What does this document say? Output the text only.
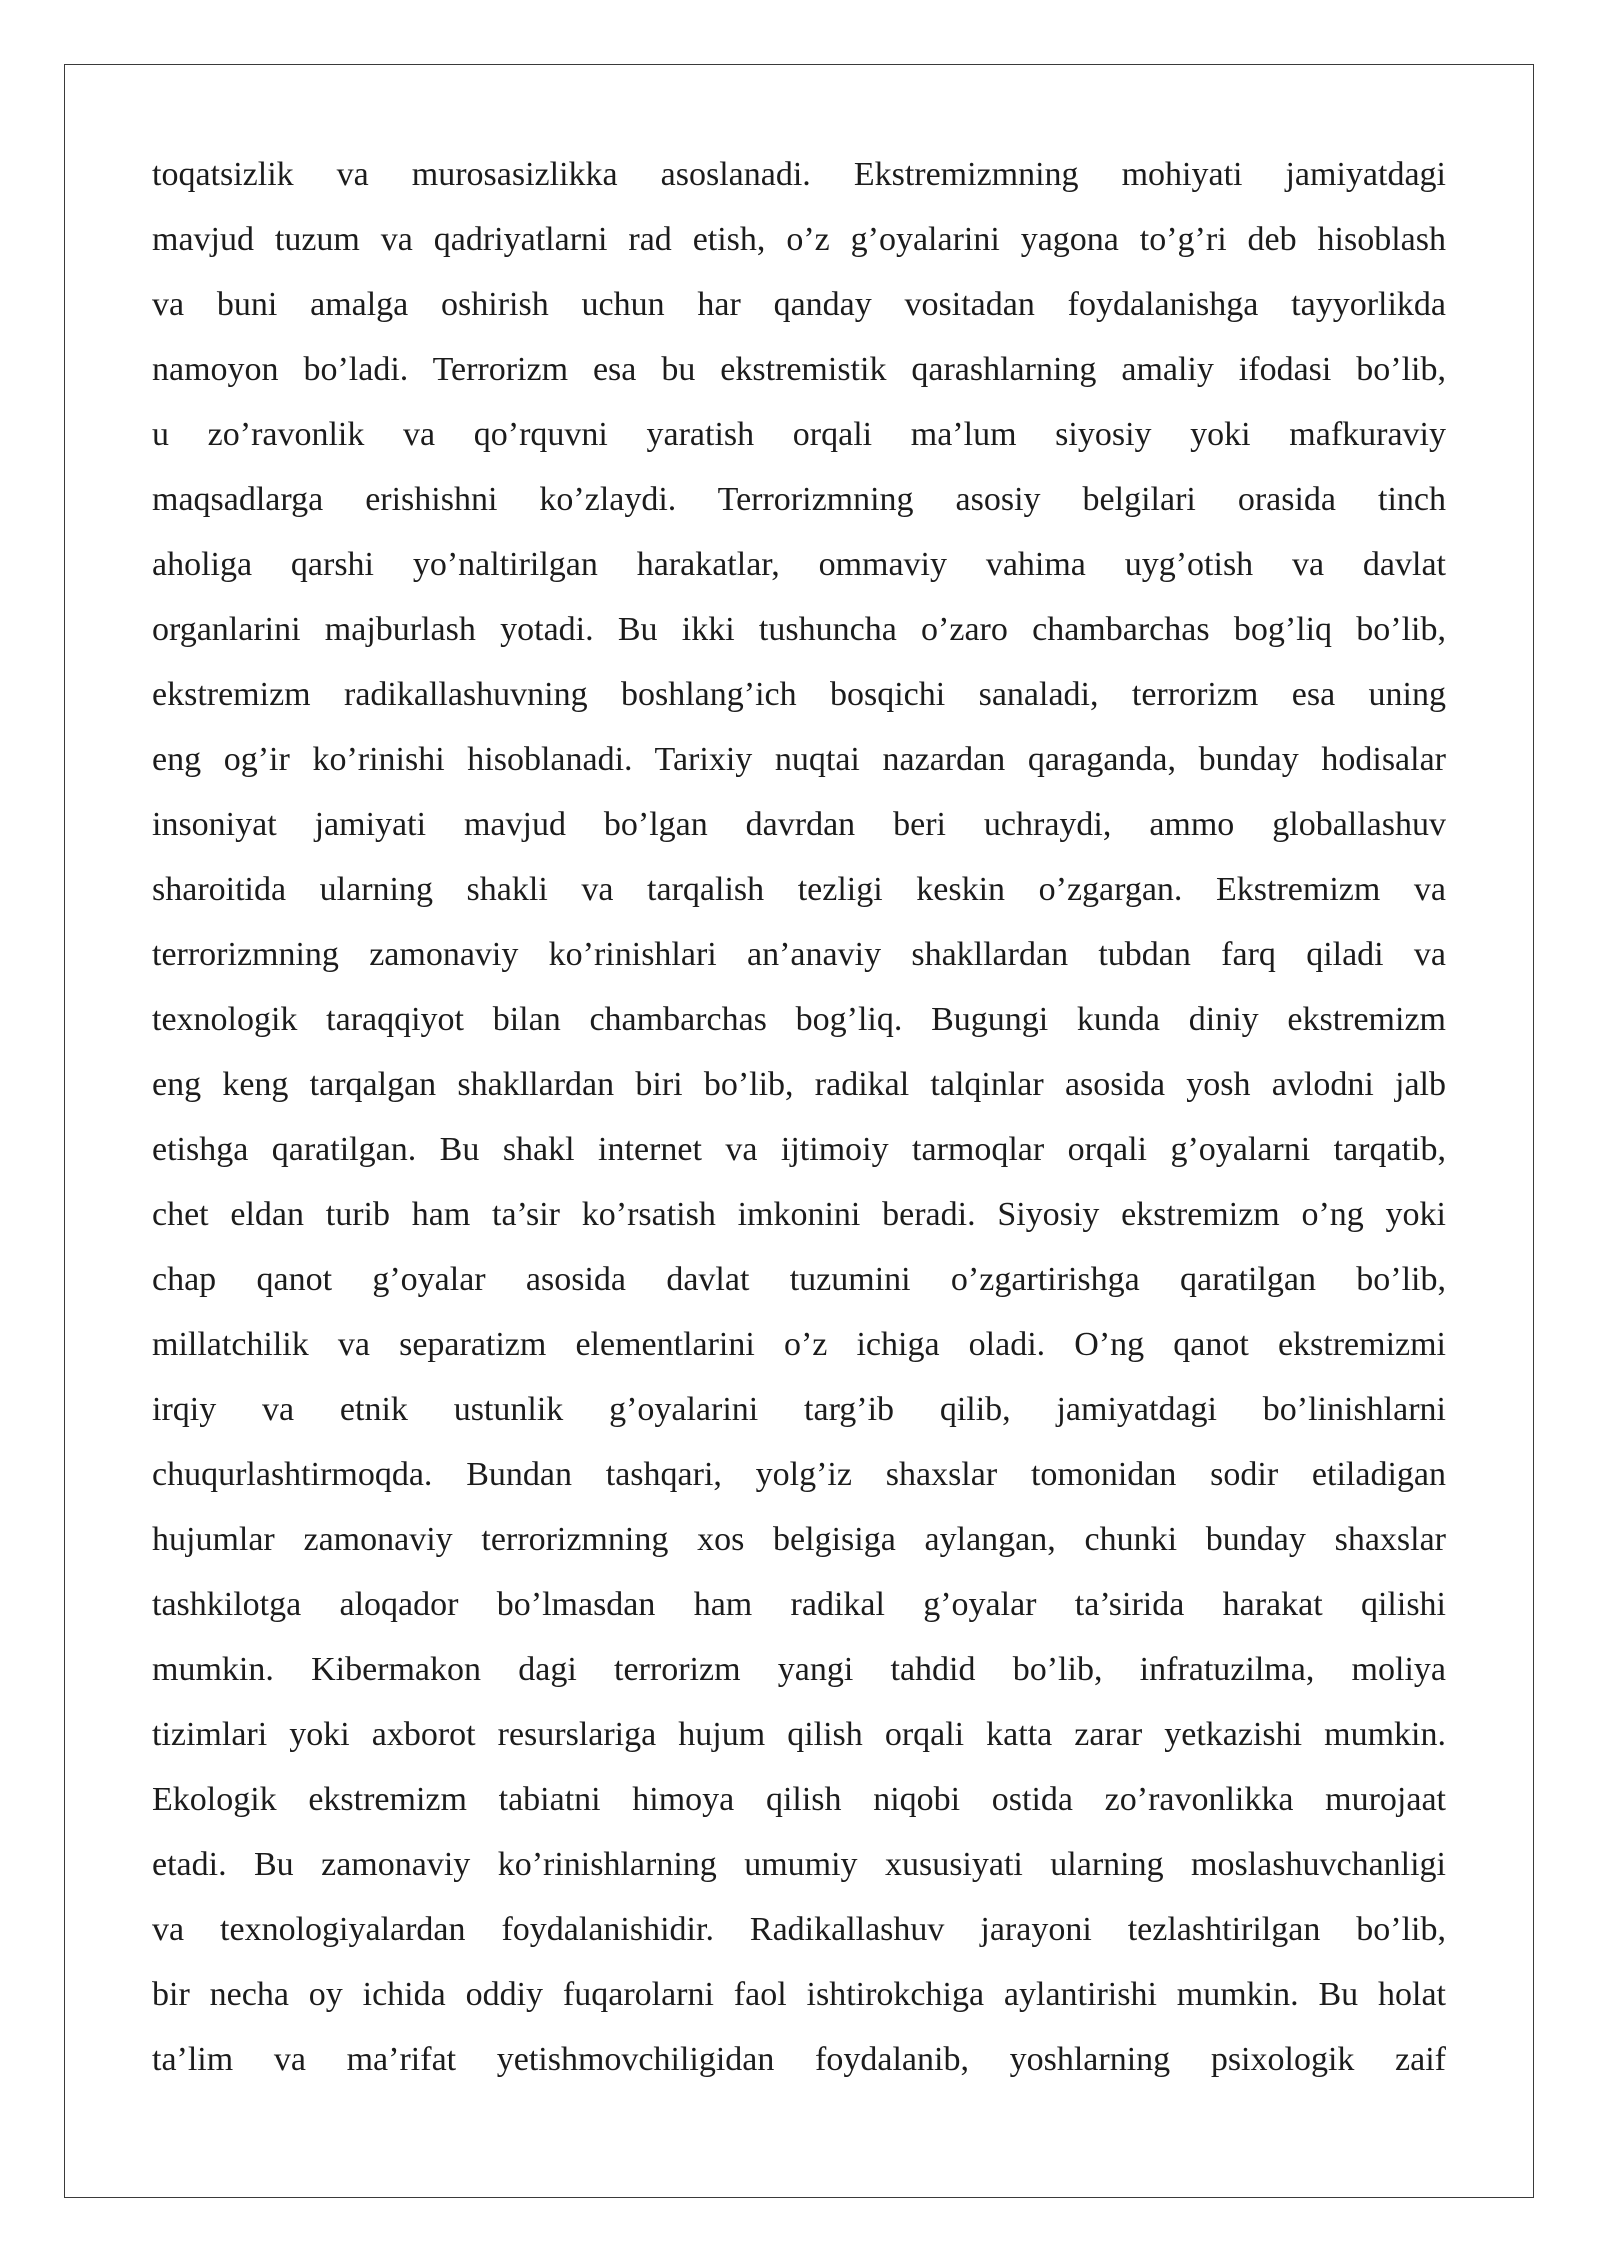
toqatsizlik va murosasizlikka asoslanadi. Ekstremizmning mohiyati jamiyatdagi
mavjud tuzum va qadriyatlarni rad etish, o’z g’oyalarini yagona to’g’ri deb hisoblash
va buni amalga oshirish uchun har qanday vositadan foydalanishga tayyorlikda
namoyon bo’ladi. Terrorizm esa bu ekstremistik qarashlarning amaliy ifodasi bo’lib,
u zo’ravonlik va qo’rquvni yaratish orqali ma’lum siyosiy yoki mafkuraviy
maqsadlarga erishishni ko’zlaydi. Terrorizmning asosiy belgilari orasida tinch
aholiga qarshi yo’naltirilgan harakatlar, ommaviy vahima uyg’otish va davlat
organlarini majburlash yotadi. Bu ikki tushuncha o’zaro chambarchas bog’liq bo’lib,
ekstremizm radikallashuvning boshlang’ich bosqichi sanaladi, terrorizm esa uning
eng og’ir ko’rinishi hisoblanadi. Tarixiy nuqtai nazardan qaraganda, bunday hodisalar
insoniyat jamiyati mavjud bo’lgan davrdan beri uchraydi, ammo globallashuv
sharoitida ularning shakli va tarqalish tezligi keskin o’zgargan. Ekstremizm va
terrorizmning zamonaviy ko’rinishlari an’anaviy shakllardan tubdan farq qiladi va
texnologik taraqqiyot bilan chambarchas bog’liq. Bugungi kunda diniy ekstremizm
eng keng tarqalgan shakllardan biri bo’lib, radikal talqinlar asosida yosh avlodni jalb
etishga qaratilgan. Bu shakl internet va ijtimoiy tarmoqlar orqali g’oyalarni tarqatib,
chet eldan turib ham ta’sir ko’rsatish imkonini beradi. Siyosiy ekstremizm o’ng yoki
chap qanot g’oyalar asosida davlat tuzumini o’zgartirishga qaratilgan bo’lib,
millatchilik va separatizm elementlarini o’z ichiga oladi. O’ng qanot ekstremizmi
irqiy va etnik ustunlik g’oyalarini targ’ib qilib, jamiyatdagi bo’linishlarni
chuqurlashtirmoqda. Bundan tashqari, yolg’iz shaxslar tomonidan sodir etiladigan
hujumlar zamonaviy terrorizmning xos belgisiga aylangan, chunki bunday shaxslar
tashkilotga aloqador bo’lmasdan ham radikal g’oyalar ta’sirida harakat qilishi
mumkin. Kibermakon dagi terrorizm yangi tahdid bo’lib, infratuzilma, moliya
tizimlari yoki axborot resurslariga hujum qilish orqali katta zarar yetkazishi mumkin.
Ekologik ekstremizm tabiatni himoya qilish niqobi ostida zo’ravonlikka murojaat
etadi. Bu zamonaviy ko’rinishlarning umumiy xususiyati ularning moslashuvchanligi
va texnologiyalardan foydalanishidir. Radikallashuv jarayoni tezlashtirilgan bo’lib,
bir necha oy ichida oddiy fuqarolarni faol ishtirokchiga aylantirishi mumkin. Bu holat
ta’lim va ma’rifat yetishmovchiligidan foydalanib, yoshlarning psixologik zaif
